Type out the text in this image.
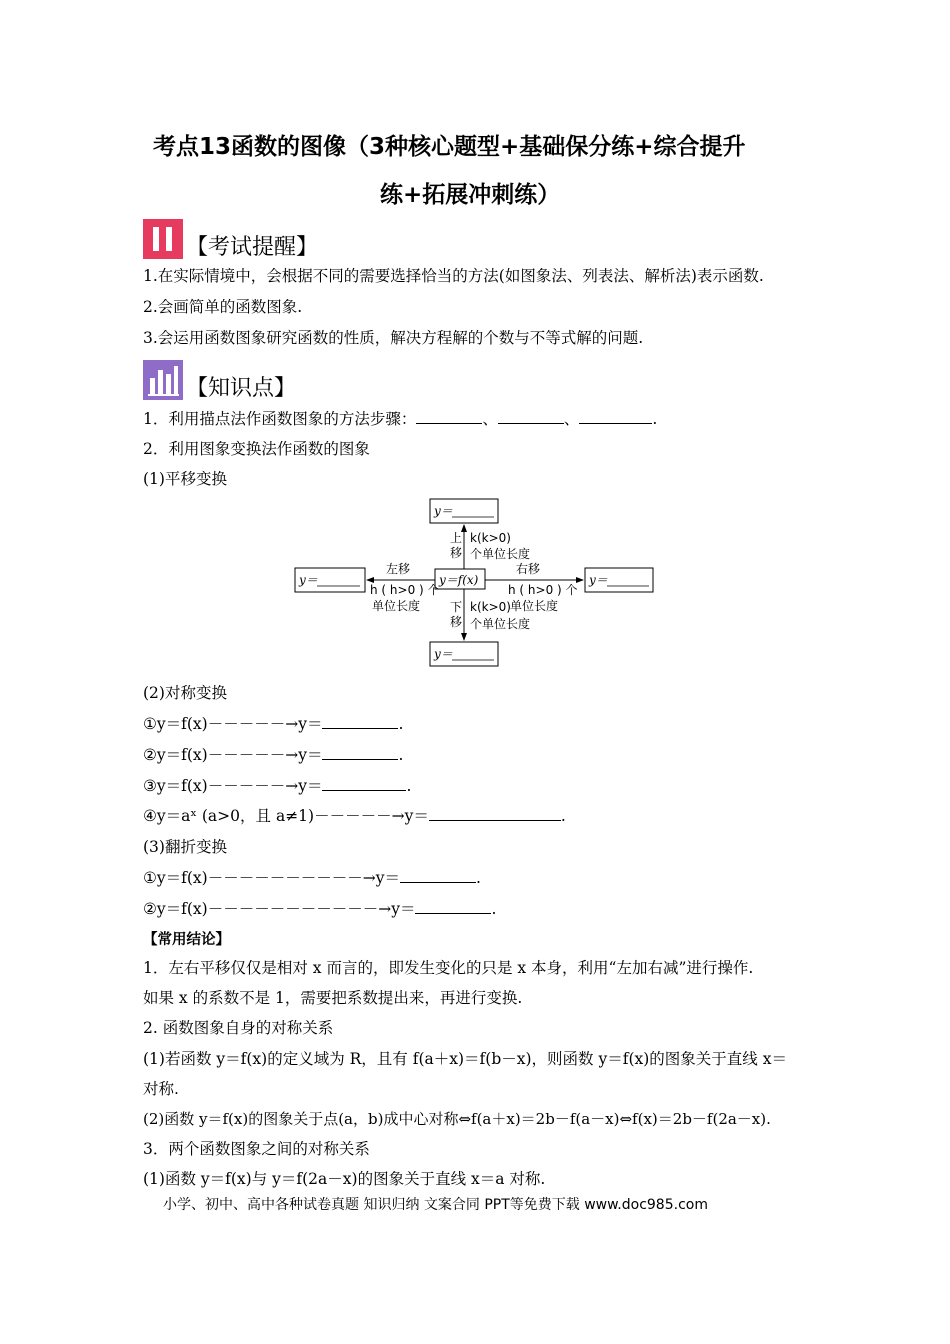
考点13函数的图像（3种核心题型+基础保分练+综合提升
练+拓展冲刺练）
【考试提醒】
1.在实际情境中，会根据不同的需要选择恰当的方法(如图象法、列表法、解析法)表示函数.
2.会画简单的函数图象.
3.会运用函数图象研究函数的性质，解决方程解的个数与不等式解的问题.
【知识点】
1．利用描点法作函数图象的方法步骤：	、	、	.
2．利用图象变换法作函数的图象
(1)平移变换
y＝
y＝	y＝
y＝
y＝f(x)
上
移
k(k>0)
个单位长度
下
移
k(k>0)
个单位长度
左移
h ( h>0 ) 个
单位长度
右移
h ( h>0 ) 个
单位长度
(2)对称变换
①y＝f(x)－－－－－→y＝	.
②y＝f(x)－－－－－→y＝	.
③y＝f(x)－－－－－→y＝	.
④y＝aˣ (a>0，且 a≠1)－－－－－→y＝	.
(3)翻折变换
①y＝f(x)－－－－－－－－－－→y＝	.
②y＝f(x)－－－－－－－－－－－→y＝	.
【常用结论】
1．左右平移仅仅是相对 x 而言的，即发生变化的只是 x 本身，利用“左加右减”进行操作.
如果 x 的系数不是 1，需要把系数提出来，再进行变换.
2. 函数图象自身的对称关系
(1)若函数 y＝f(x)的定义域为 R，且有 f(a＋x)＝f(b－x)，则函数 y＝f(x)的图象关于直线 x＝
对称.
(2)函数 y＝f(x)的图象关于点(a，b)成中心对称⇔f(a＋x)＝2b－f(a－x)⇔f(x)＝2b－f(2a－x).
3．两个函数图象之间的对称关系
(1)函数 y＝f(x)与 y＝f(2a－x)的图象关于直线 x＝a 对称.
小学、初中、高中各种试卷真题 知识归纳 文案合同 PPT等免费下载 www.doc985.com
